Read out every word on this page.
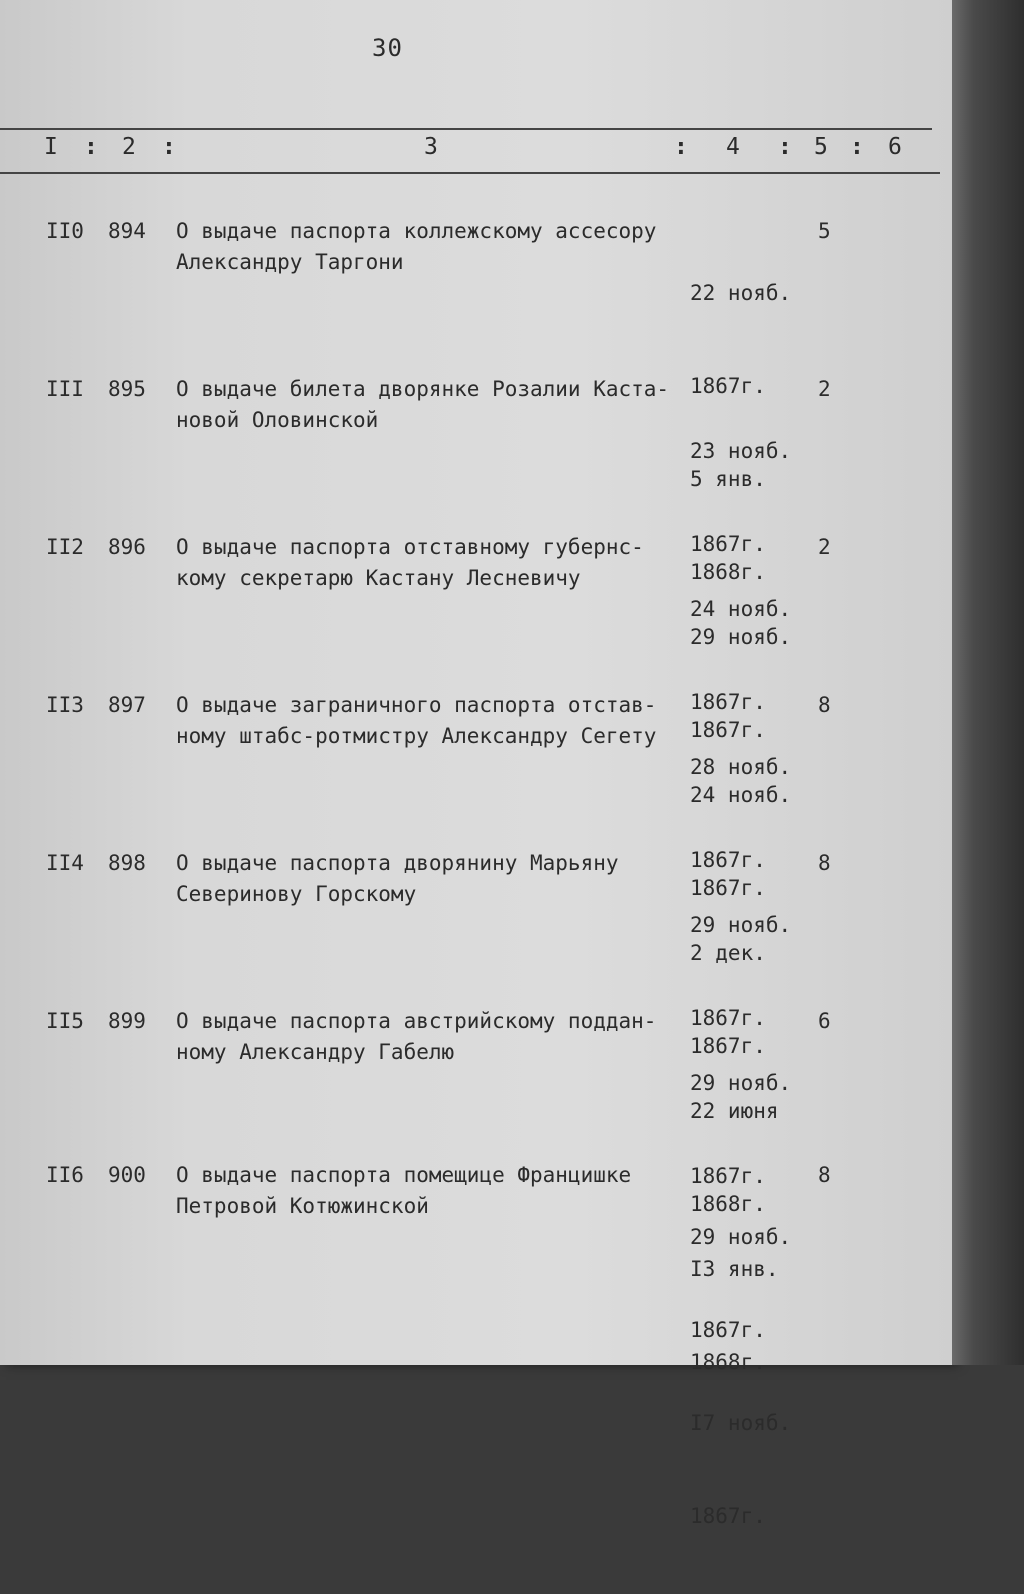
30
I : 2 :	3	: 4 : 5 : 6
II0 894 О выдаче паспорта коллежскому ассесору
Александру Таргони

22 нояб.

1867г.

5 янв.

1868г.

5
III 895 О выдаче билета дворянке Розалии Каста-
новой Оловинской

23 нояб.

1867г.

29 нояб.

1867г.

2
II2 896 О выдаче паспорта отставному губернс-
кому секретарю Кастану Лесневичу

24 нояб.

1867г.

24 нояб.

1867г.

2
II3 897 О выдаче заграничного паспорта отстав-
ному штабс-ротмистру Александру Сегету

28 нояб.

1867г.

2 дек.

1867г.

8
II4 898 О выдаче паспорта дворянину Марьяну
Северинову Горскому

29 нояб.

1867г.

22 июня

1868г.

8
II5 899 О выдаче паспорта австрийскому поддан-
ному Александру Габелю

29 нояб.

1867г.

I3 янв.

1868г.

6
II6 900 О выдаче паспорта помещице Францишке
Петровой Котюжинской

29 нояб.

1867г.

I7 нояб.

1867г.

8
